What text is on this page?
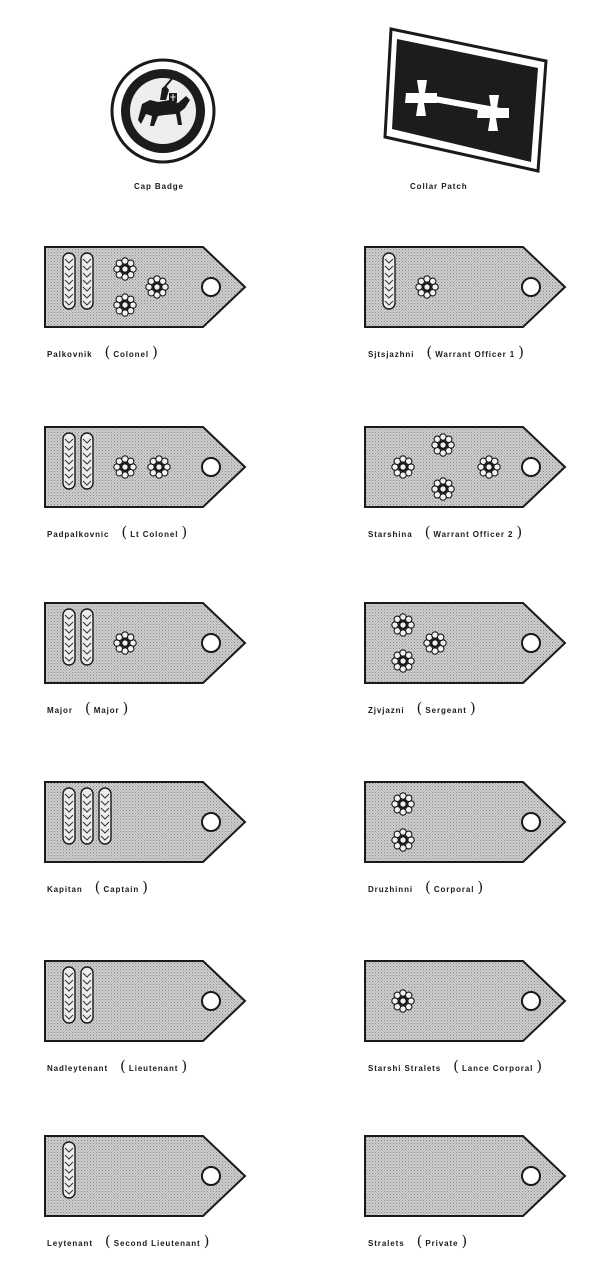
Cap Badge	Collar Patch
Palkovnik ( Colonel )
Padpalkovnic ( Lt Colonel )
Major ( Major )
Kapitan ( Captain )
Nadleytenant ( Lieutenant )
Leytenant ( Second Lieutenant )
Sjtsjazhni ( Warrant Officer 1 )
Starshina ( Warrant Officer 2 )
Zjvjazni ( Sergeant )
Druzhinni ( Corporal )
Starshi Stralets ( Lance Corporal )
Stralets ( Private )
